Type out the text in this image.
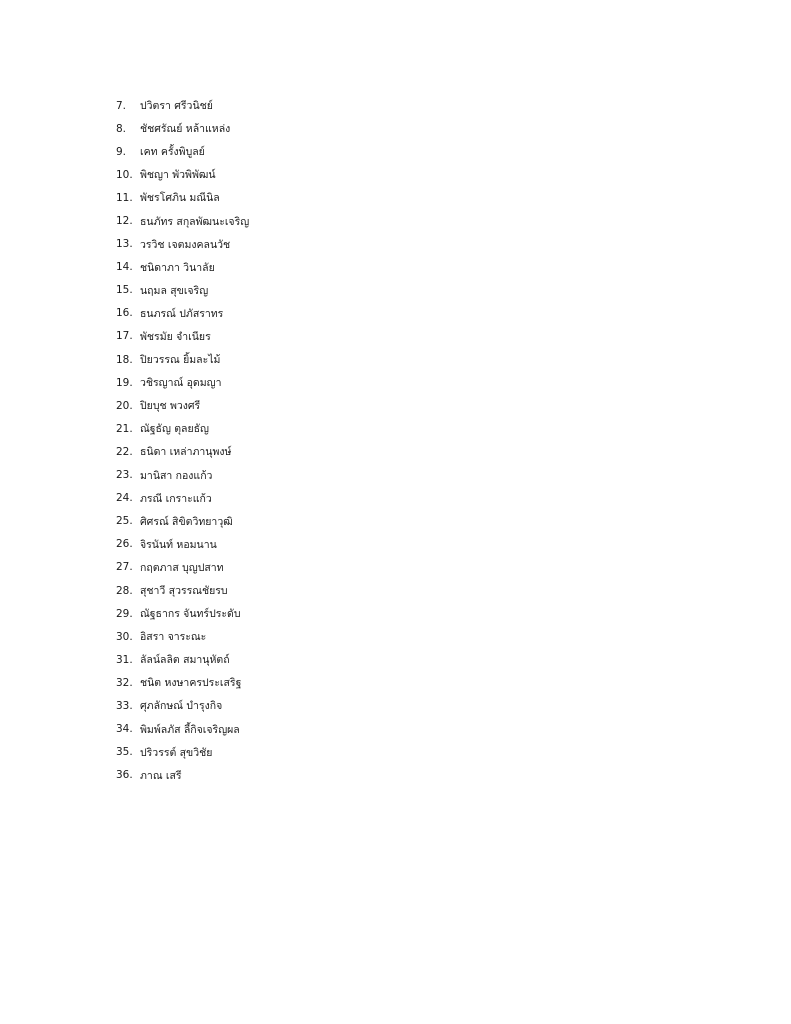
7.	ปวิตรา ศรีวนิชย์
8.	ชัชศรัณย์ หล้าแหล่ง
9.	เคท ครั้งพิบูลย์
10. พิชญา พัวพิพัฒน์
11. พัชรโศภิน มณีนิล
12. ธนภัทร สกุลพัฒนะเจริญ
13. วรวิช เจตมงคลนวัช
14. ชนิดาภา วินาลัย
15. นฤมล สุขเจริญ
16. ธนภรณ์ ปภัสราทร
17. พัชรมัย จำเนียร
18. ปิยวรรณ ยิ้มละไม้
19. วชิรญาณ์ อุดมญา
20. ปิยบุช พวงศรี
21. ณัฐธัญ ตุลยธัญ
22. ธนิดา เหล่าภานุพงษ์
23. มานิสา กองแก้ว
24. ภรณี เกราะแก้ว
25. ศิศรณ์ สิขิตวิทยาวุฒิ
26. จิรนันท์ หอมนาน
27. กฤตภาส บุญปสาท
28. สุชาวี สุวรรณชัยรบ
29. ณัฐธากร จันทร์ประดับ
30. อิสรา จาระณะ
31. ลัลน์ลลิต สมานุหัตถ์
32. ชนิต หงษาครประเสริฐ
33. ศุภลักษณ์ บำรุงกิจ
34. พิมพ์ลภัส ลี้กิจเจริญผล
35. ปริวรรต์ สุขวิชัย
36. ภาณ เสรี
